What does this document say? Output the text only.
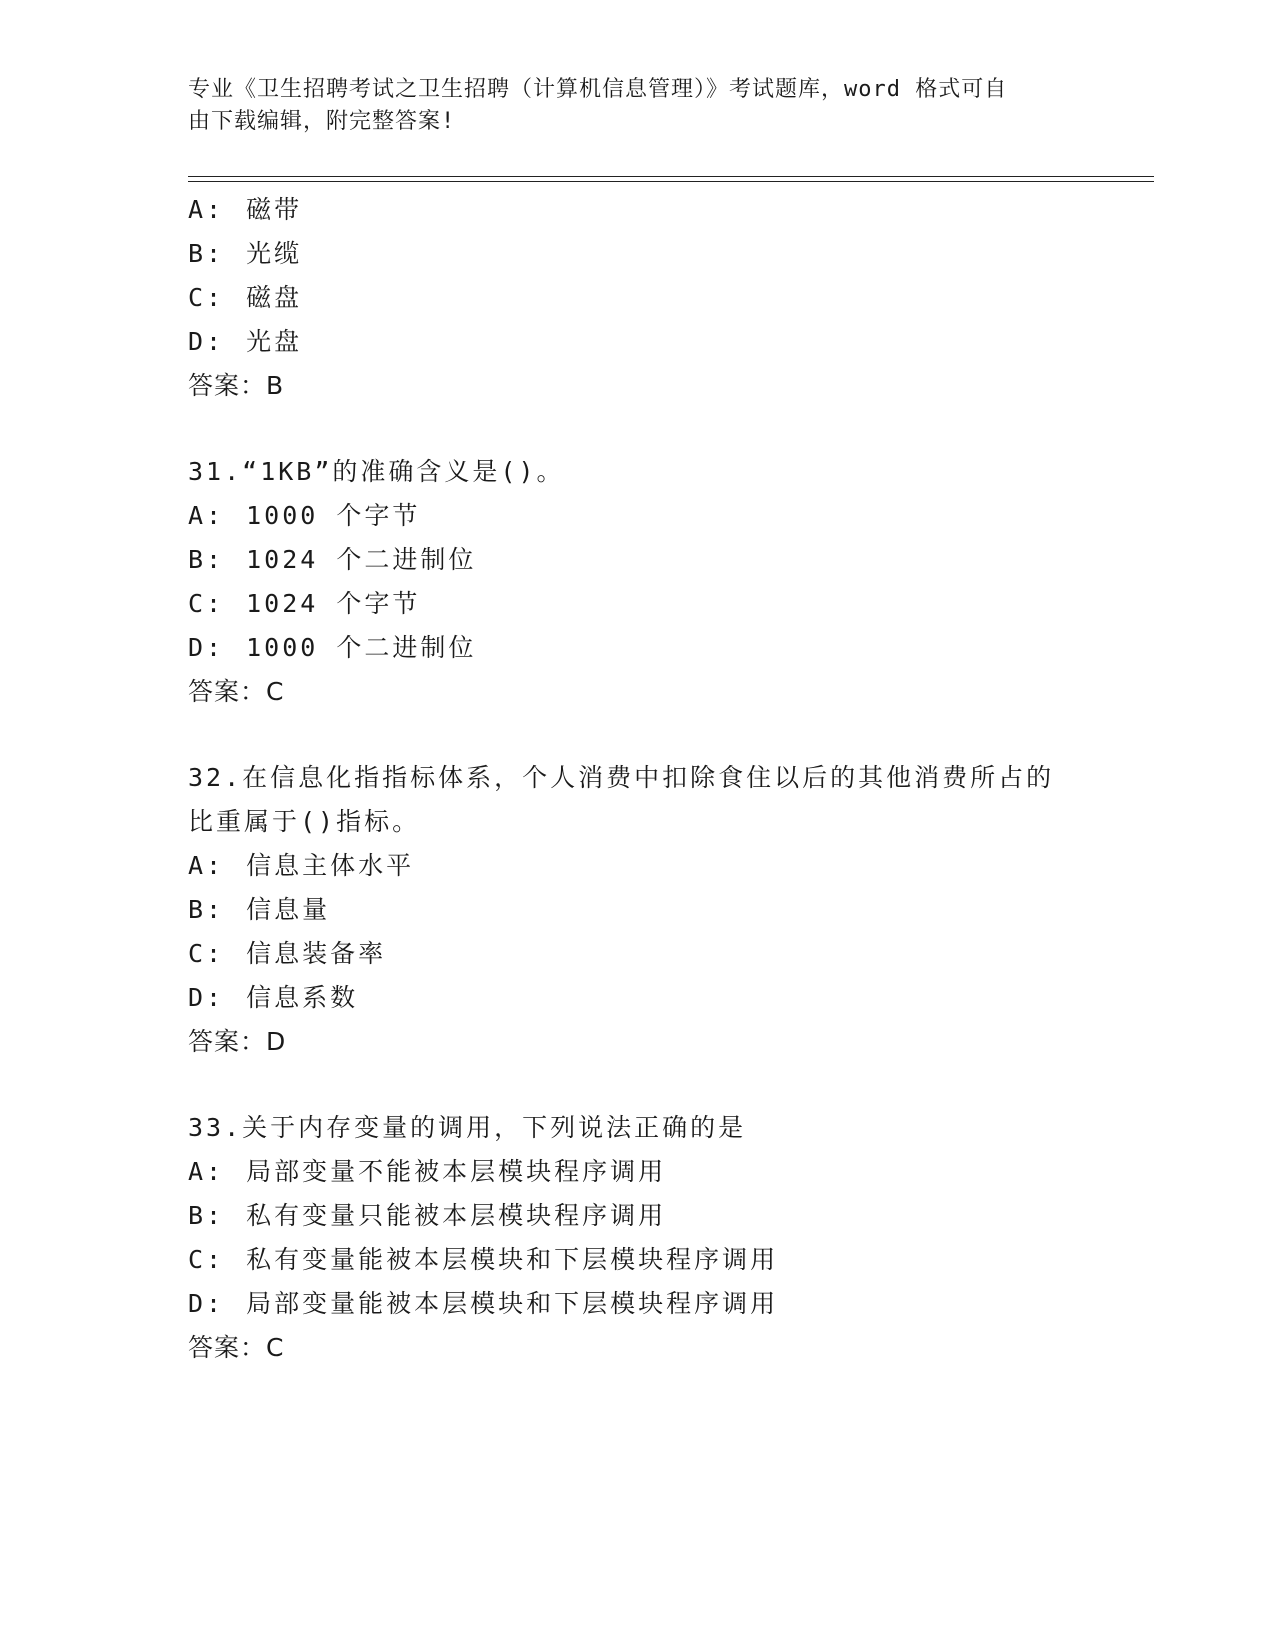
专业《卫生招聘考试之卫生招聘（计算机信息管理）》考试题库，word 格式可自
由下载编辑，附完整答案!
A: 磁带
B: 光缆
C: 磁盘
D: 光盘
答案：B
31.“1KB”的准确含义是()。
A: 1000 个字节
B: 1024 个二进制位
C: 1024 个字节
D: 1000 个二进制位
答案：C
32.在信息化指指标体系，个人消费中扣除食住以后的其他消费所占的
比重属于()指标。
A: 信息主体水平
B: 信息量
C: 信息装备率
D: 信息系数
答案：D
33.关于内存变量的调用，下列说法正确的是
A: 局部变量不能被本层模块程序调用
B: 私有变量只能被本层模块程序调用
C: 私有变量能被本层模块和下层模块程序调用
D: 局部变量能被本层模块和下层模块程序调用
答案：C
